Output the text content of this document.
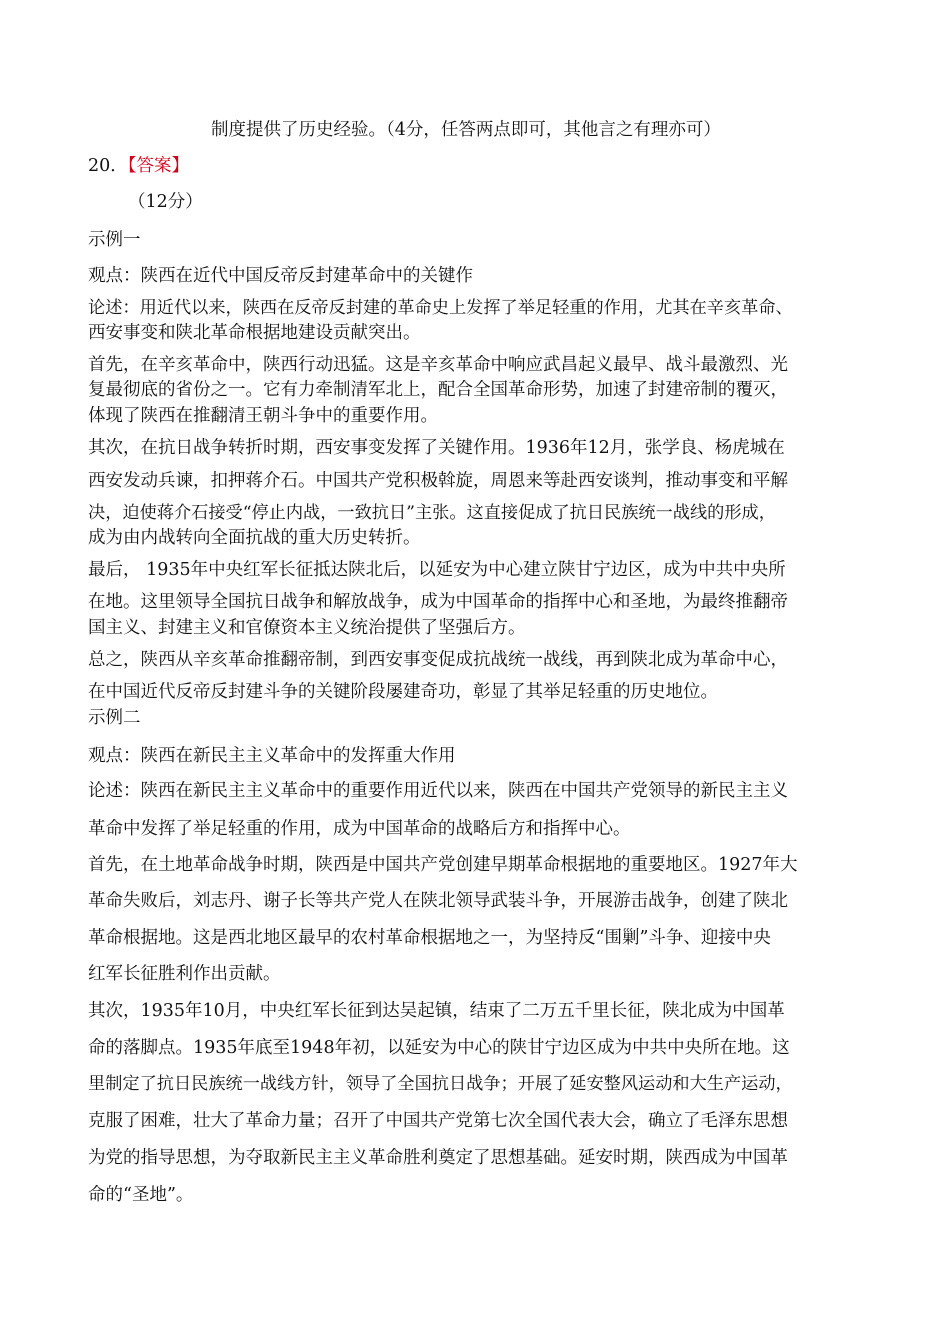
制度提供了历史经验。（4分，任答两点即可，其他言之有理亦可）
20．【答案】
（12分）
示例一
观点：陕西在近代中国反帝反封建革命中的关键作
论述：用近代以来，陕西在反帝反封建的革命史上发挥了举足轻重的作用，尤其在辛亥革命、
西安事变和陕北革命根据地建设贡献突出。
首先，在辛亥革命中，陕西行动迅猛。这是辛亥革命中响应武昌起义最早、战斗最激烈、光
复最彻底的省份之一。它有力牵制清军北上，配合全国革命形势，加速了封建帝制的覆灭，
体现了陕西在推翻清王朝斗争中的重要作用。
其次，在抗日战争转折时期，西安事变发挥了关键作用。1936年12月，张学良、杨虎城在
西安发动兵谏，扣押蒋介石。中国共产党积极斡旋，周恩来等赴西安谈判，推动事变和平解
决，迫使蒋介石接受“停止内战，一致抗日”主张。这直接促成了抗日民族统一战线的形成，
成为由内战转向全面抗战的重大历史转折。
最后， 1935年中央红军长征抵达陕北后，以延安为中心建立陕甘宁边区，成为中共中央所
在地。这里领导全国抗日战争和解放战争，成为中国革命的指挥中心和圣地，为最终推翻帝
国主义、封建主义和官僚资本主义统治提供了坚强后方。
总之，陕西从辛亥革命推翻帝制，到西安事变促成抗战统一战线，再到陕北成为革命中心，
在中国近代反帝反封建斗争的关键阶段屡建奇功，彰显了其举足轻重的历史地位。
示例二
观点：陕西在新民主主义革命中的发挥重大作用
论述：陕西在新民主主义革命中的重要作用近代以来，陕西在中国共产党领导的新民主主义
革命中发挥了举足轻重的作用，成为中国革命的战略后方和指挥中心。
首先，在土地革命战争时期，陕西是中国共产党创建早期革命根据地的重要地区。1927年大
革命失败后，刘志丹、谢子长等共产党人在陕北领导武装斗争，开展游击战争，创建了陕北
革命根据地。这是西北地区最早的农村革命根据地之一，为坚持反“围剿”斗争、迎接中央
红军长征胜利作出贡献。
其次，1935年10月，中央红军长征到达吴起镇，结束了二万五千里长征，陕北成为中国革
命的落脚点。1935年底至1948年初，以延安为中心的陕甘宁边区成为中共中央所在地。这
里制定了抗日民族统一战线方针，领导了全国抗日战争；开展了延安整风运动和大生产运动，
克服了困难，壮大了革命力量；召开了中国共产党第七次全国代表大会，确立了毛泽东思想
为党的指导思想，为夺取新民主主义革命胜利奠定了思想基础。延安时期，陕西成为中国革
命的“圣地”。
